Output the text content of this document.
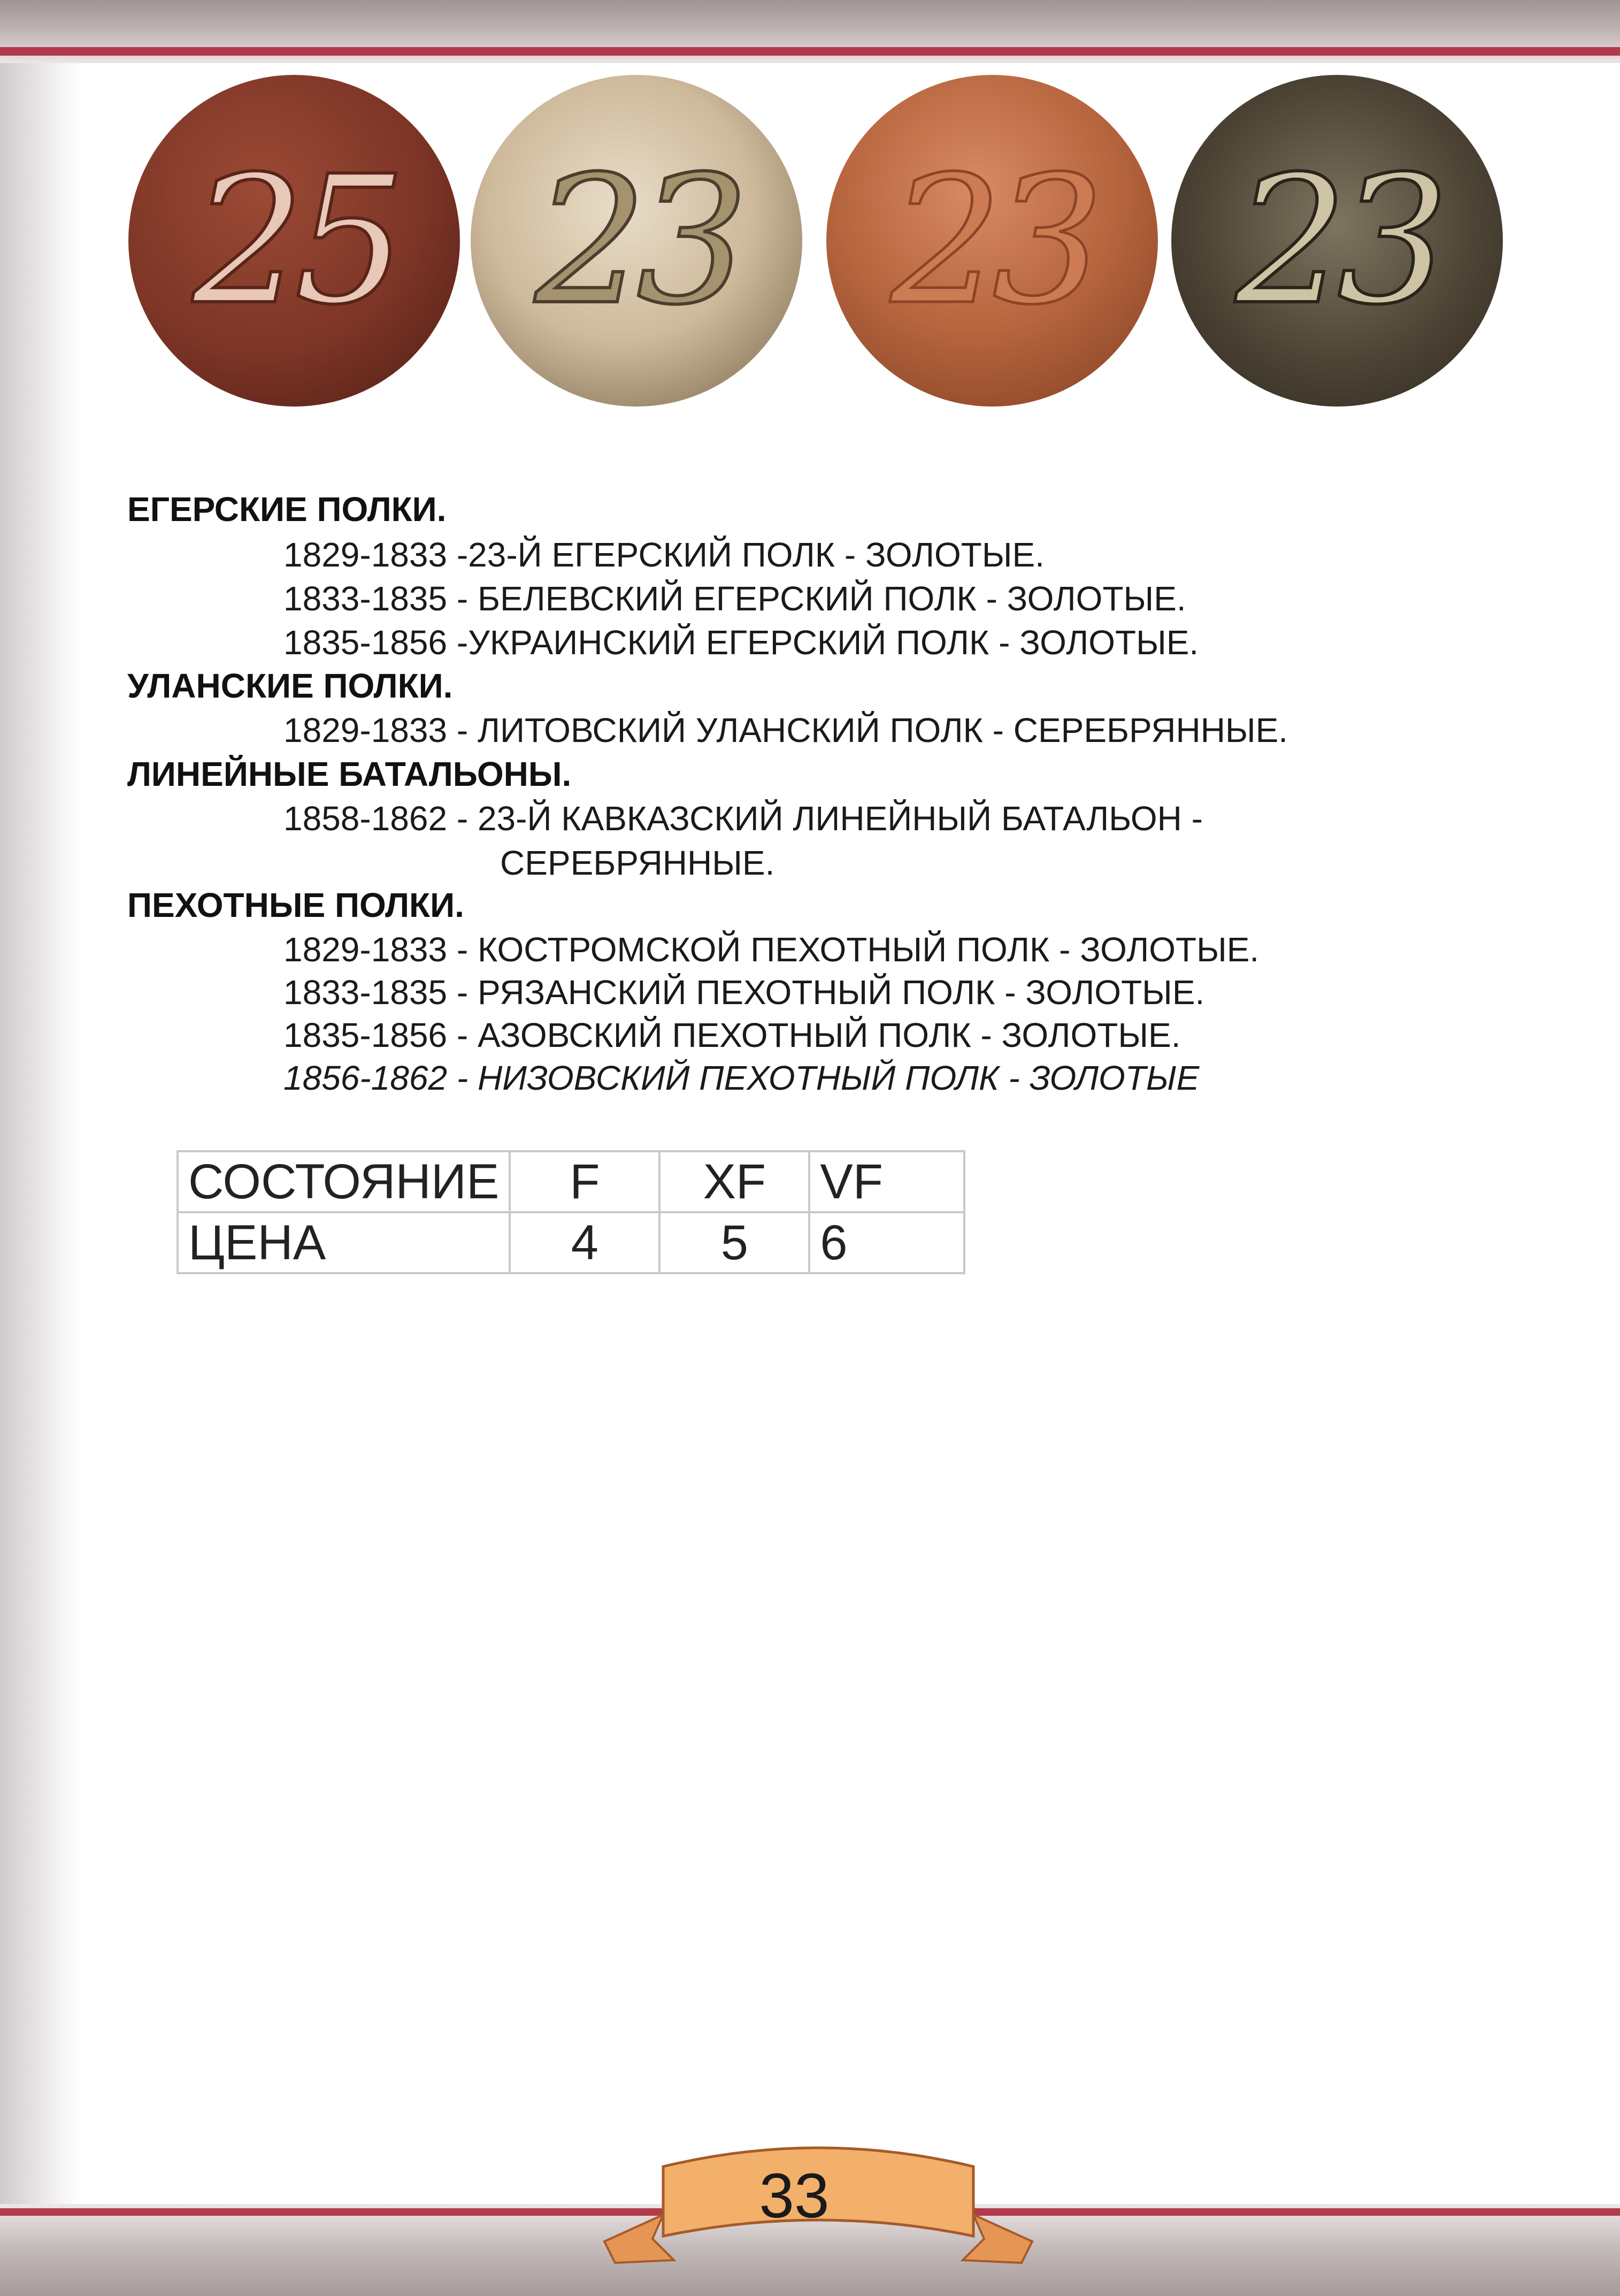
25 23 23 23
ЕГЕРСКИЕ ПОЛКИ.
1829-1833 -23-Й ЕГЕРСКИЙ ПОЛК - ЗОЛОТЫЕ.
1833-1835 - БЕЛЕВСКИЙ ЕГЕРСКИЙ ПОЛК - ЗОЛОТЫЕ.
1835-1856 -УКРАИНСКИЙ ЕГЕРСКИЙ ПОЛК - ЗОЛОТЫЕ.
УЛАНСКИЕ ПОЛКИ.
1829-1833 - ЛИТОВСКИЙ УЛАНСКИЙ ПОЛК - СЕРЕБРЯННЫЕ.
ЛИНЕЙНЫЕ БАТАЛЬОНЫ.
1858-1862 - 23-Й КАВКАЗСКИЙ ЛИНЕЙНЫЙ БАТАЛЬОН -
СЕРЕБРЯННЫЕ.
ПЕХОТНЫЕ ПОЛКИ.
1829-1833 - КОСТРОМСКОЙ ПЕХОТНЫЙ ПОЛК - ЗОЛОТЫЕ.
1833-1835 - РЯЗАНСКИЙ ПЕХОТНЫЙ ПОЛК - ЗОЛОТЫЕ.
1835-1856 - АЗОВСКИЙ ПЕХОТНЫЙ ПОЛК - ЗОЛОТЫЕ.
1856-1862 - НИЗОВСКИЙ ПЕХОТНЫЙ ПОЛК - ЗОЛОТЫЕ
СОСТОЯНИЕ	F	XF	VF
ЦЕНА	4	5	6
33
